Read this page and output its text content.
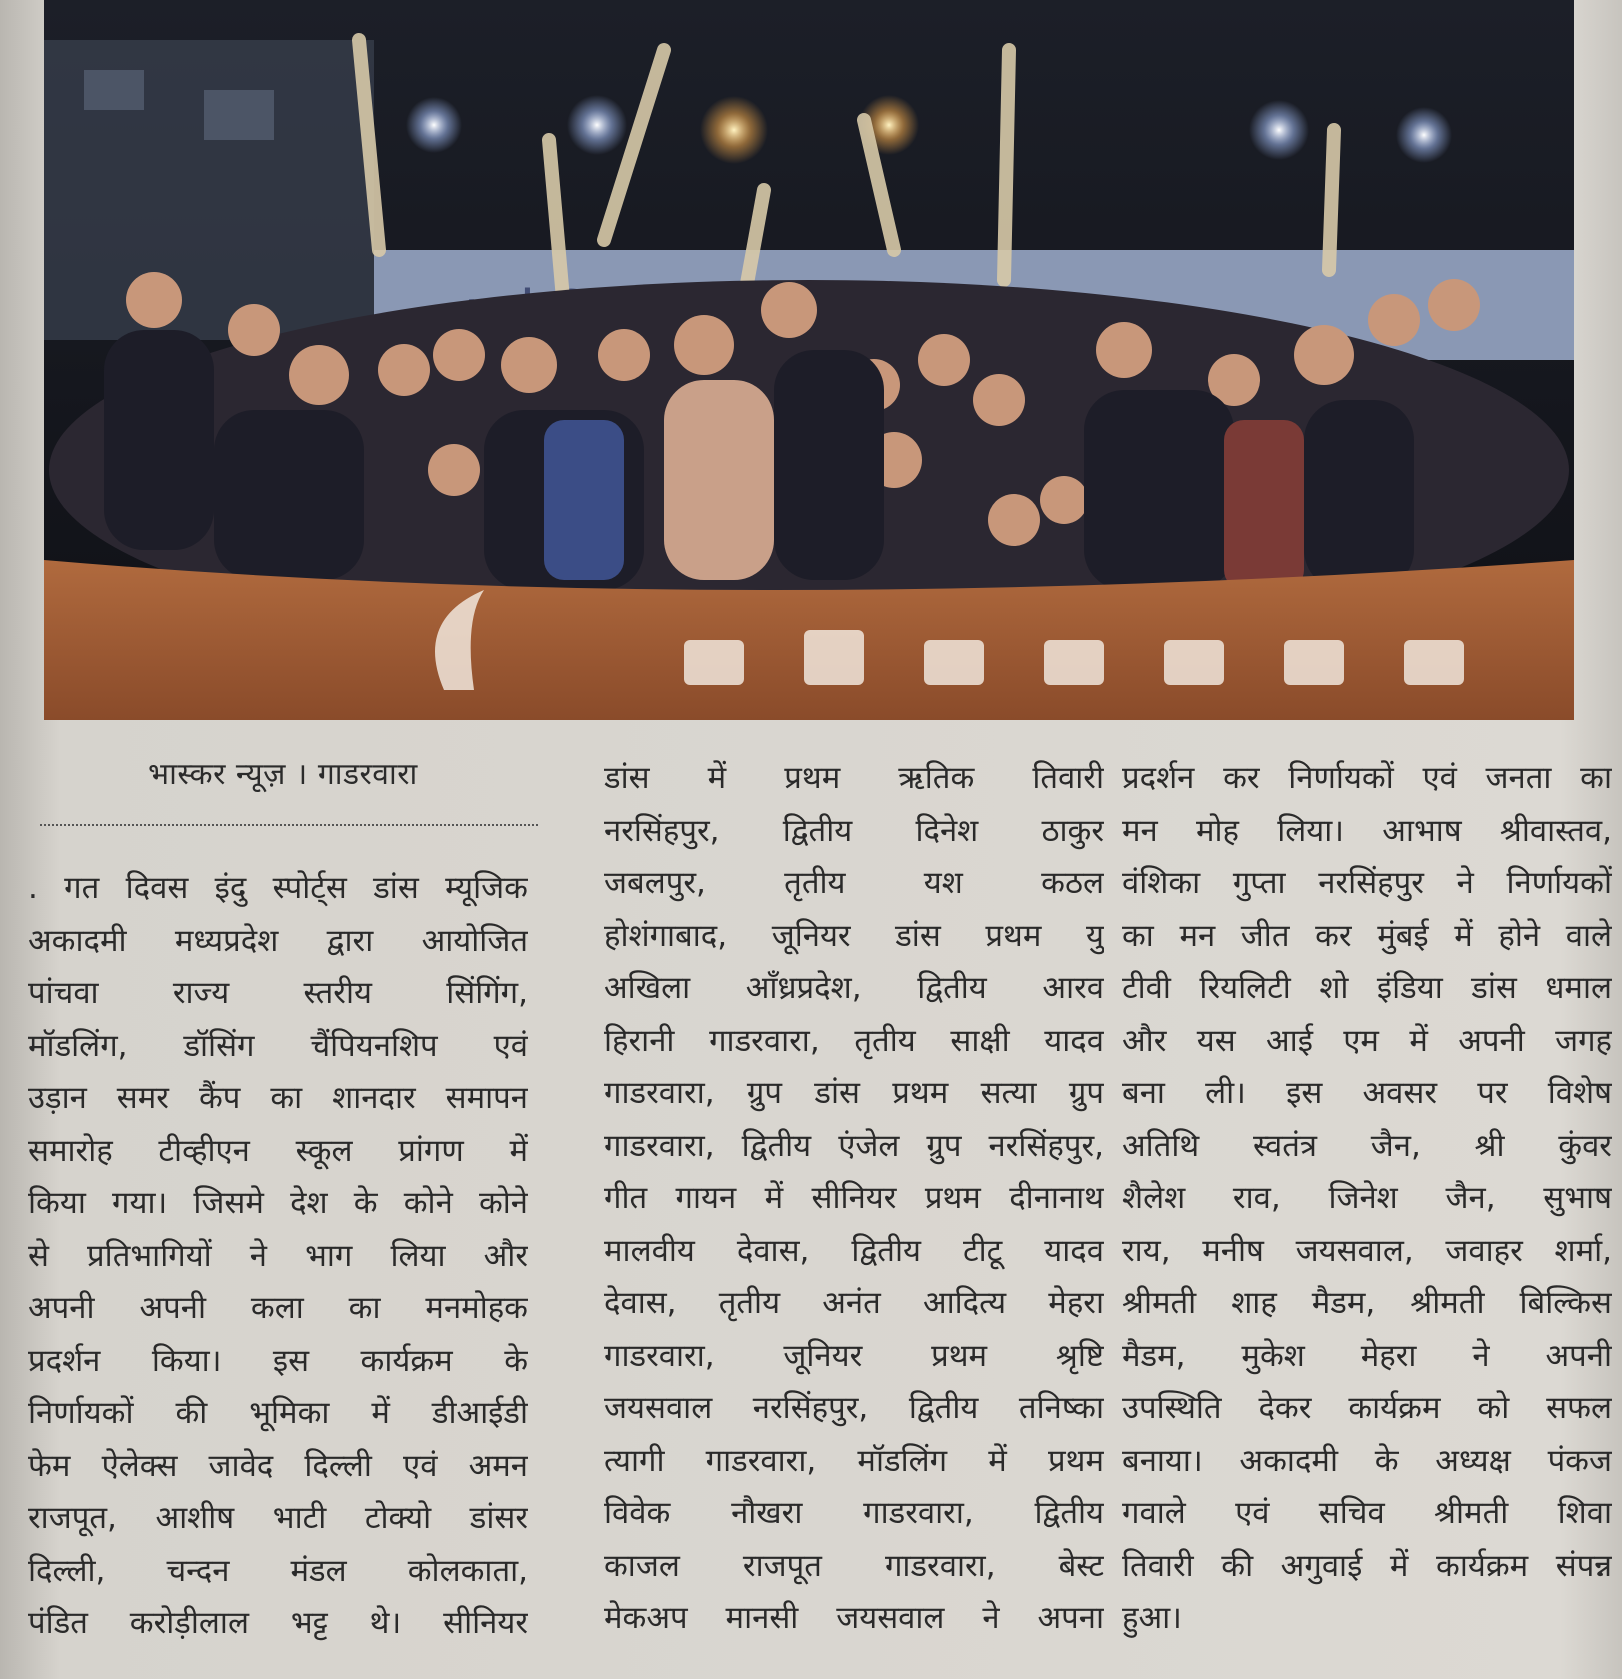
भास्कर न्यूज़ । गाडरवारा
. गत दिवस इंदु स्पोर्ट्स डांस म्यूजिक
अकादमी मध्यप्रदेश द्वारा आयोजित
पांचवा राज्य स्तरीय सिंगिंग,
मॉडलिंग, डॉसिंग चैंपियनशिप एवं
उड़ान समर कैंप का शानदार समापन
समारोह टीव्हीएन स्कूल प्रांगण में
किया गया। जिसमे देश के कोने कोने
से प्रतिभागियों ने भाग लिया और
अपनी अपनी कला का मनमोहक
प्रदर्शन किया। इस कार्यक्रम के
निर्णायकों की भूमिका में डीआईडी
फेम ऐलेक्स जावेद दिल्ली एवं अमन
राजपूत, आशीष भाटी टोक्यो डांसर
दिल्ली, चन्दन मंडल कोलकाता,
पंडित करोड़ीलाल भट्ट थे। सीनियर
डांस में प्रथम ऋतिक तिवारी
नरसिंहपुर, द्वितीय दिनेश ठाकुर
जबलपुर, तृतीय यश कठल
होशंगाबाद, जूनियर डांस प्रथम यु
अखिला आँध्रप्रदेश, द्वितीय आरव
हिरानी गाडरवारा, तृतीय साक्षी यादव
गाडरवारा, ग्रुप डांस प्रथम सत्या ग्रुप
गाडरवारा, द्वितीय एंजेल ग्रुप नरसिंहपुर,
गीत गायन में सीनियर प्रथम दीनानाथ
मालवीय देवास, द्वितीय टीटू यादव
देवास, तृतीय अनंत आदित्य मेहरा
गाडरवारा, जूनियर प्रथम श्रृष्टि
जयसवाल नरसिंहपुर, द्वितीय तनिष्का
त्यागी गाडरवारा, मॉडलिंग में प्रथम
विवेक नौखरा गाडरवारा, द्वितीय
काजल राजपूत गाडरवारा, बेस्ट
मेकअप मानसी जयसवाल ने अपना
प्रदर्शन कर निर्णायकों एवं जनता का
मन मोह लिया। आभाष श्रीवास्तव,
वंशिका गुप्ता नरसिंहपुर ने निर्णायकों
का मन जीत कर मुंबई में होने वाले
टीवी रियलिटी शो इंडिया डांस धमाल
और यस आई एम में अपनी जगह
बना ली। इस अवसर पर विशेष
अतिथि स्वतंत्र जैन, श्री कुंवर
शैलेश राव, जिनेश जैन, सुभाष
राय, मनीष जयसवाल, जवाहर शर्मा,
श्रीमती शाह मैडम, श्रीमती बिल्किस
मैडम, मुकेश मेहरा ने अपनी
उपस्थिति देकर कार्यक्रम को सफल
बनाया। अकादमी के अध्यक्ष पंकज
गवाले एवं सचिव श्रीमती शिवा
तिवारी की अगुवाई में कार्यक्रम संपन्न
हुआ।
